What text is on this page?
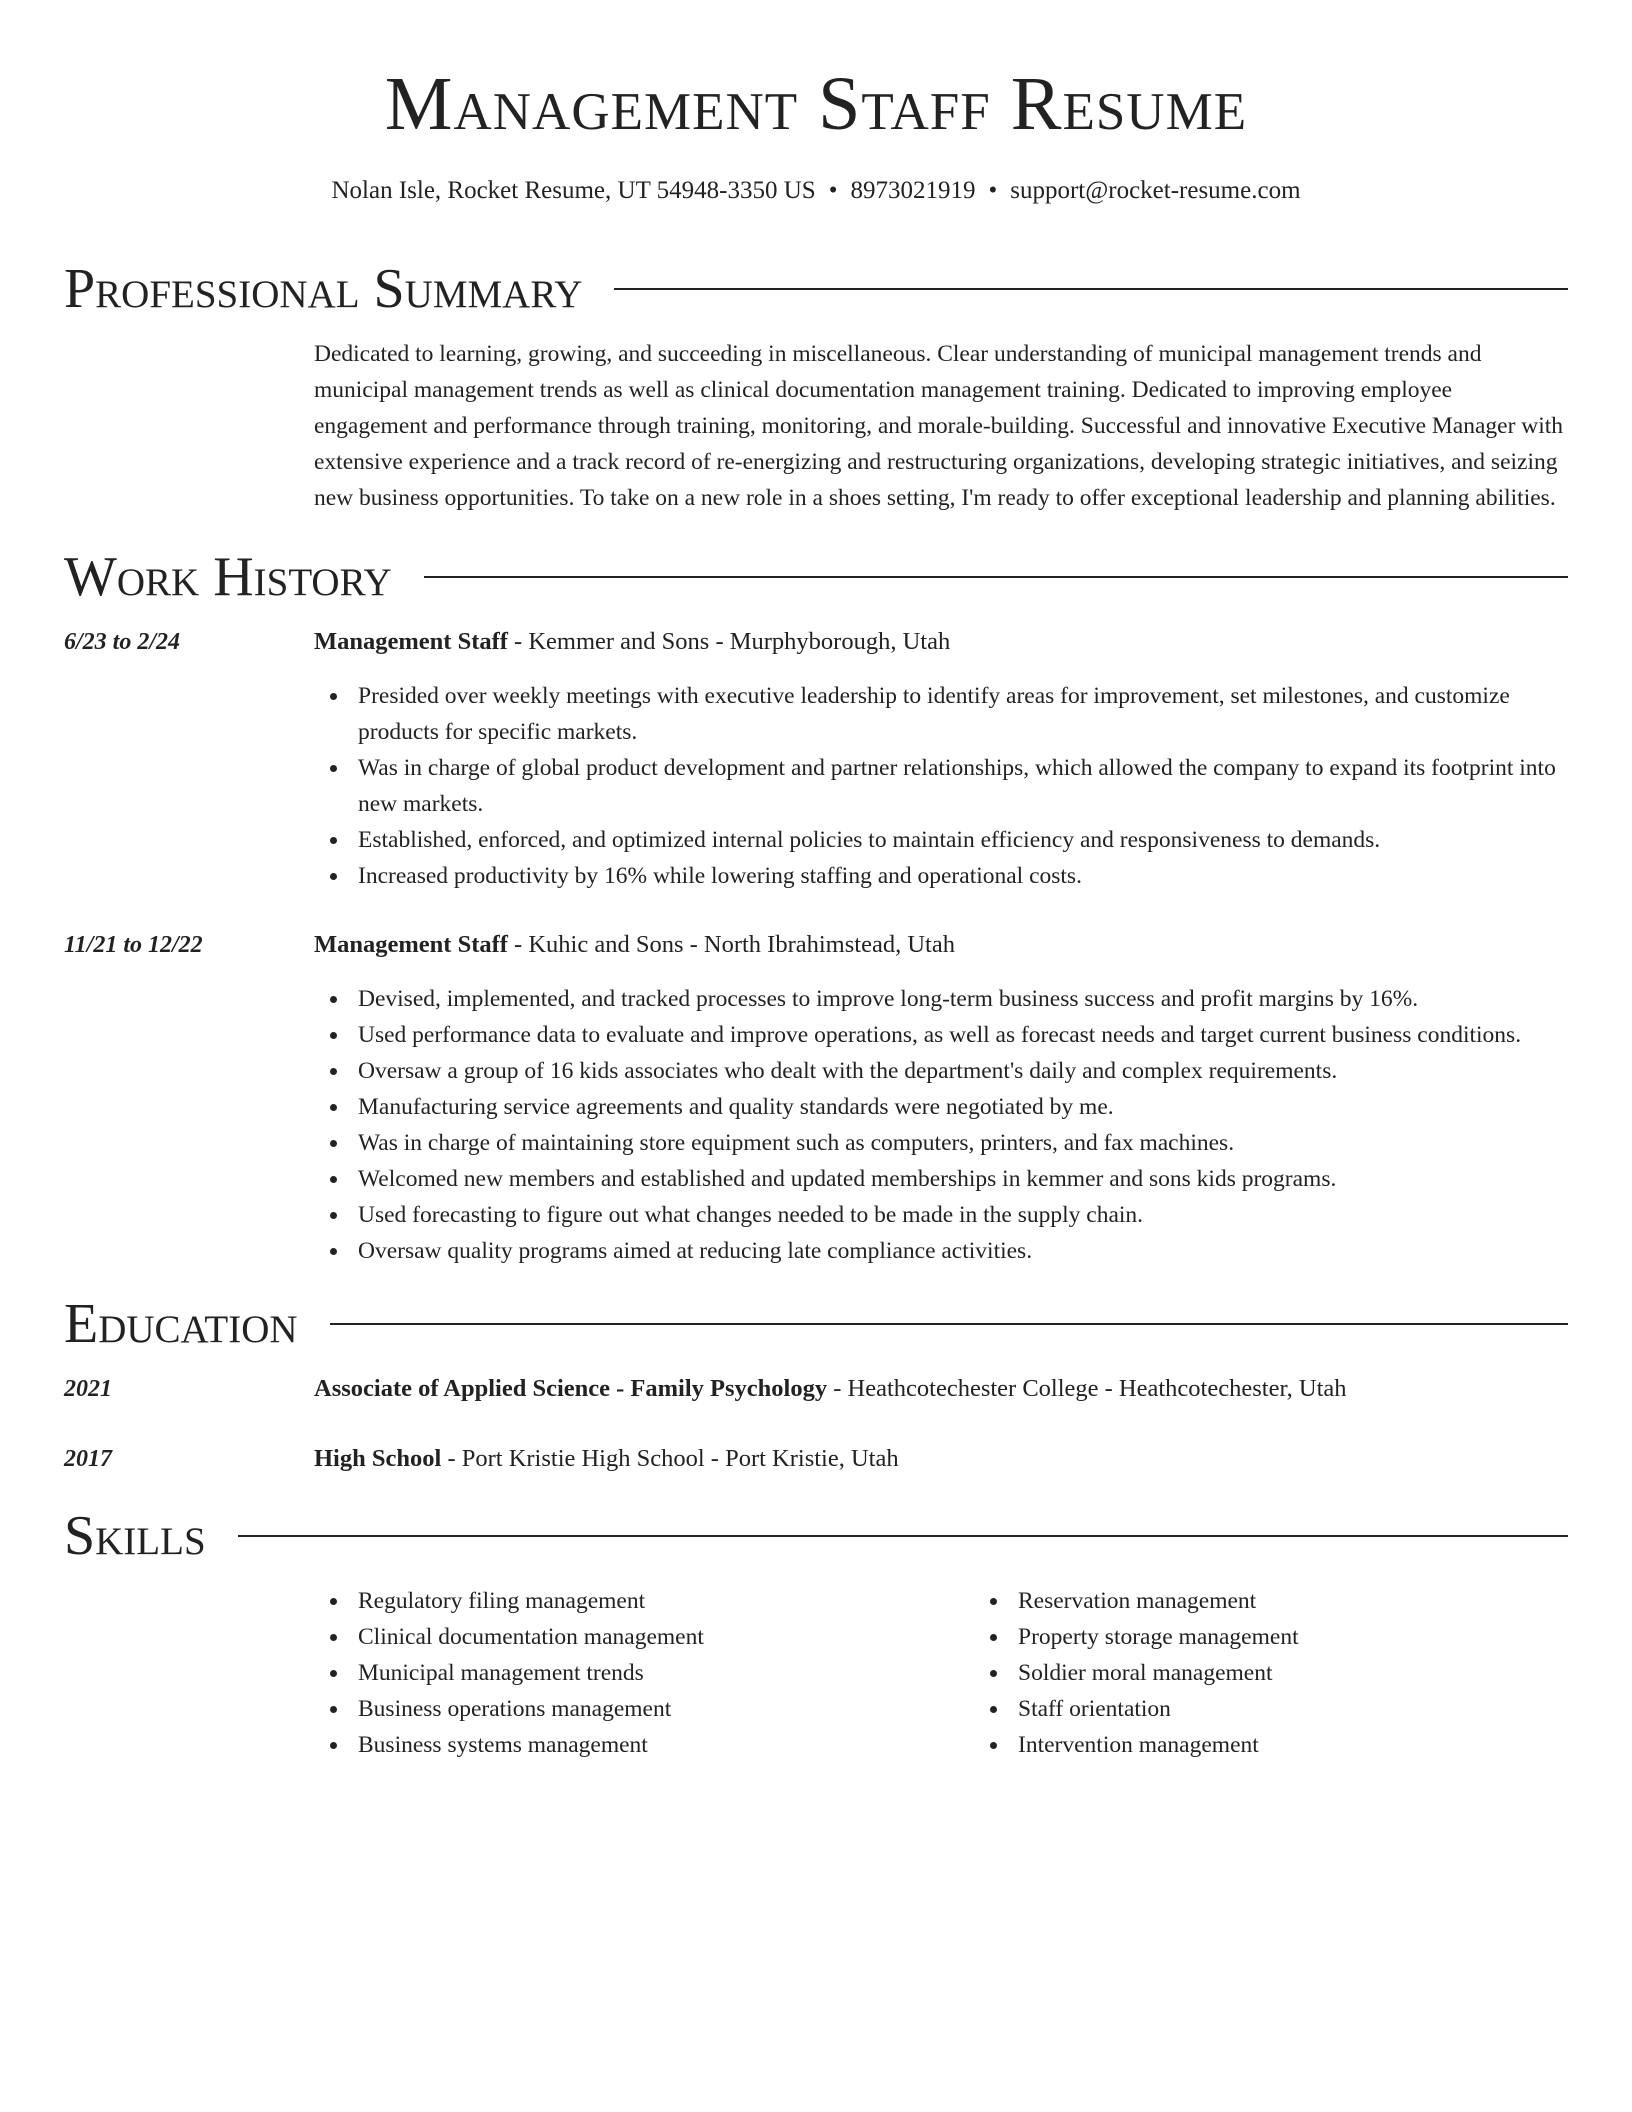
Management Staff Resume
Nolan Isle, Rocket Resume, UT 54948-3350 US • 8973021919 • support@rocket-resume.com
Professional Summary
Dedicated to learning, growing, and succeeding in miscellaneous. Clear understanding of municipal management trends and municipal management trends as well as clinical documentation management training. Dedicated to improving employee engagement and performance through training, monitoring, and morale-building. Successful and innovative Executive Manager with extensive experience and a track record of re-energizing and restructuring organizations, developing strategic initiatives, and seizing new business opportunities. To take on a new role in a shoes setting, I'm ready to offer exceptional leadership and planning abilities.
Work History
6/23 to 2/24	Management Staff - Kemmer and Sons - Murphyborough, Utah
Presided over weekly meetings with executive leadership to identify areas for improvement, set milestones, and customize products for specific markets.
Was in charge of global product development and partner relationships, which allowed the company to expand its footprint into new markets.
Established, enforced, and optimized internal policies to maintain efficiency and responsiveness to demands.
Increased productivity by 16% while lowering staffing and operational costs.
11/21 to 12/22	Management Staff - Kuhic and Sons - North Ibrahimstead, Utah
Devised, implemented, and tracked processes to improve long-term business success and profit margins by 16%.
Used performance data to evaluate and improve operations, as well as forecast needs and target current business conditions.
Oversaw a group of 16 kids associates who dealt with the department's daily and complex requirements.
Manufacturing service agreements and quality standards were negotiated by me.
Was in charge of maintaining store equipment such as computers, printers, and fax machines.
Welcomed new members and established and updated memberships in kemmer and sons kids programs.
Used forecasting to figure out what changes needed to be made in the supply chain.
Oversaw quality programs aimed at reducing late compliance activities.
Education
2021	Associate of Applied Science - Family Psychology - Heathcotechester College - Heathcotechester, Utah
2017	High School - Port Kristie High School - Port Kristie, Utah
Skills
Regulatory filing management
Clinical documentation management
Municipal management trends
Business operations management
Business systems management
Reservation management
Property storage management
Soldier moral management
Staff orientation
Intervention management
